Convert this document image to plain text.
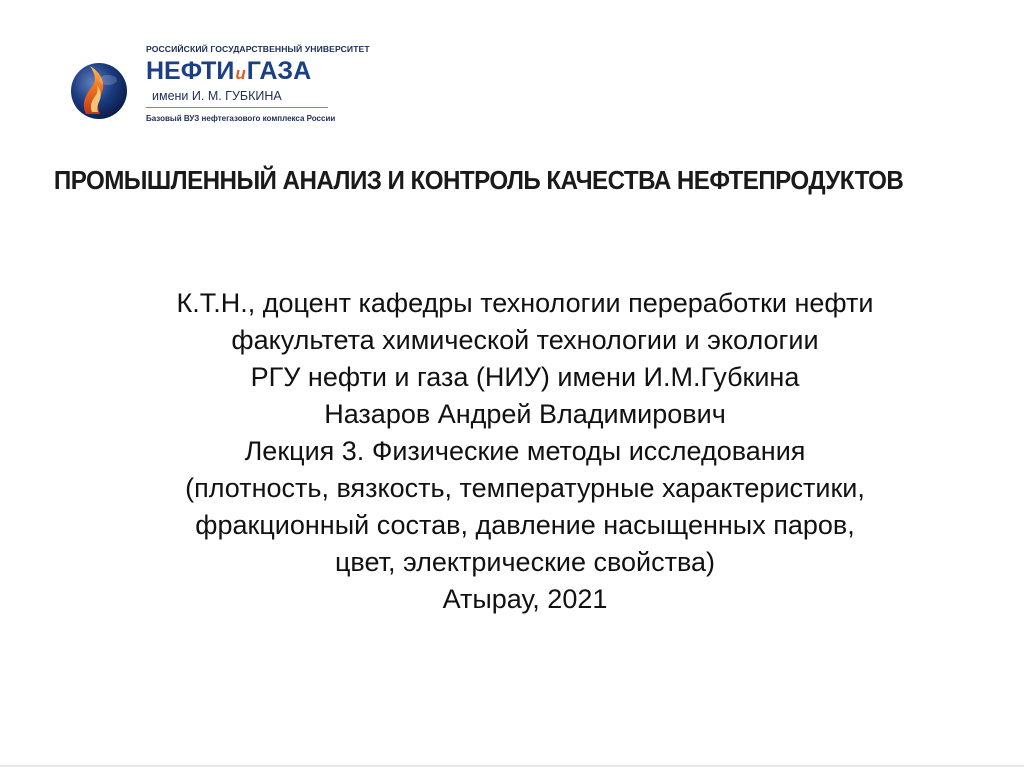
РОССИЙСКИЙ ГОСУДАРСТВЕННЫЙ УНИВЕРСИТЕТ
НЕФТИиГАЗА
имени И. М. ГУБКИНА
Базовый ВУЗ нефтегазового комплекса России
ПРОМЫШЛЕННЫЙ АНАЛИЗ И КОНТРОЛЬ КАЧЕСТВА НЕФТЕПРОДУКТОВ
К.Т.Н., доцент кафедры технологии переработки нефти
факультета химической технологии и экологии
РГУ нефти и газа (НИУ) имени И.М.Губкина
Назаров Андрей Владимирович
Лекция 3. Физические методы исследования
(плотность, вязкость, температурные характеристики,
фракционный состав, давление насыщенных паров,
цвет, электрические свойства)
Атырау, 2021
